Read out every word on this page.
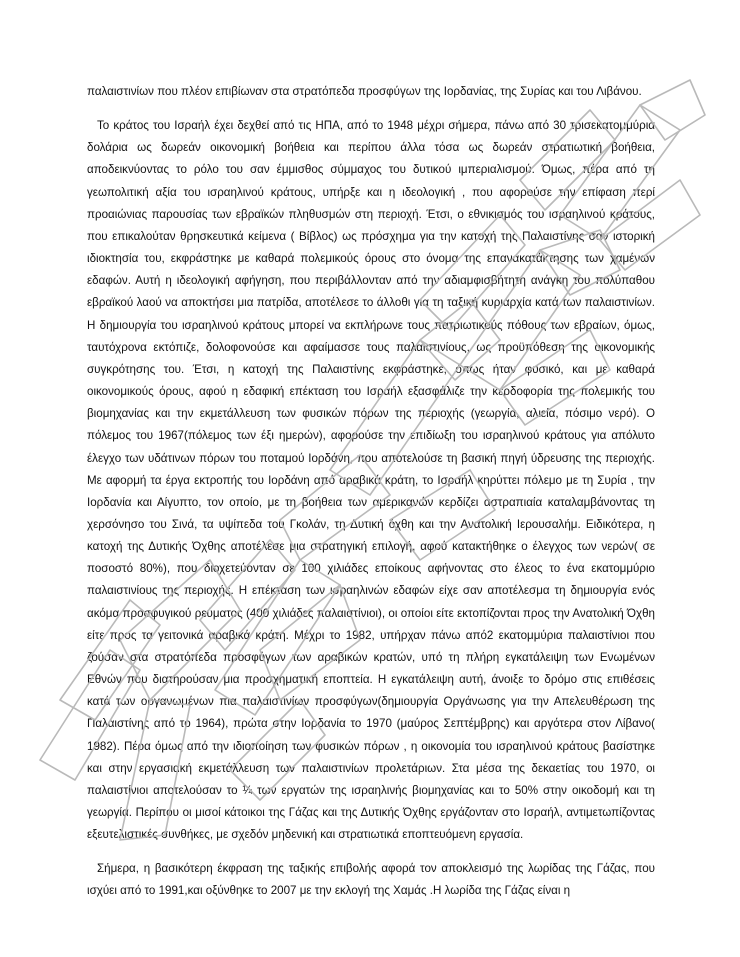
παλαιστινίων που πλέον επιβίωναν στα στρατόπεδα προσφύγων της Ιορδανίας, της Συρίας και του Λιβάνου.

Το κράτος του Ισραήλ έχει δεχθεί από τις ΗΠΑ, από το 1948 μέχρι σήμερα, πάνω από 30 τρισεκατομμύρια δολάρια ως δωρεάν οικονομική βοήθεια και περίπου άλλα τόσα ως δωρεάν στρατιωτική βοήθεια, αποδεικνύοντας το ρόλο του σαν έμμισθος σύμμαχος του δυτικού ιμπεριαλισμού. Όμως, πέρα από τη γεωπολιτική αξία του ισραηλινού κράτους, υπήρξε και η ιδεολογική , που αφορούσε την επίφαση περί προαιώνιας παρουσίας των εβραϊκών πληθυσμών στη περιοχή. Έτσι, ο εθνικισμός του ισραηλινού κράτους, που επικαλούταν θρησκευτικά κείμενα ( Βίβλος) ως πρόσχημα για την κατοχή της Παλαιστίνης σαν ιστορική ιδιοκτησία του, εκφράστηκε με καθαρά πολεμικούς όρους στο όνομα της επανακατάκτησης των χαμένων εδαφών. Αυτή η ιδεολογική αφήγηση, που περιβάλλονταν από την αδιαμφισβήτητη ανάγκη του πολύπαθου εβραϊκού λαού να αποκτήσει μια πατρίδα, αποτέλεσε το άλλοθι για τη ταξική κυριαρχία κατά των παλαιστινίων. Η δημιουργία του ισραηλινού κράτους μπορεί να εκπλήρωνε τους πατριωτικούς πόθους των εβραίων, όμως, ταυτόχρονα εκτόπιζε, δολοφονούσε και αφαίμασσε τους παλαιστινίους, ως προϋπόθεση της οικονομικής συγκρότησης του. Έτσι, η κατοχή της Παλαιστίνης εκφράστηκε, όπως ήταν φυσικό, και με καθαρά οικονομικούς όρους, αφού η εδαφική επέκταση του Ισραήλ εξασφάλιζε την κερδοφορία της πολεμικής του βιομηχανίας και την εκμετάλλευση των φυσικών πόρων της περιοχής (γεωργία, αλιεία, πόσιμο νερό). Ο πόλεμος του 1967(πόλεμος των έξι ημερών), αφορούσε την επιδίωξη του ισραηλινού κράτους για απόλυτο έλεγχο των υδάτινων πόρων του ποταμού Ιορδάνη, που αποτελούσε τη βασική πηγή ύδρευσης της περιοχής. Με αφορμή τα έργα εκτροπής του Ιορδάνη από αραβικά κράτη, το Ισραήλ κηρύττει πόλεμο με τη Συρία , την Ιορδανία και Αίγυπτο, τον οποίο, με τη βοήθεια των αμερικανών κερδίζει αστραπιαία καταλαμβάνοντας τη χερσόνησο του Σινά, τα υψίπεδα του Γκολάν, τη Δυτική όχθη και την Ανατολική Ιερουσαλήμ. Ειδικότερα, η κατοχή της Δυτικής Όχθης αποτέλεσε μια στρατηγική επιλογή, αφού κατακτήθηκε ο έλεγχος των νερών( σε ποσοστό 80%), που διοχετεύονταν σε 100 χιλιάδες εποίκους αφήνοντας στο έλεος το ένα εκατομμύριο παλαιστινίους της περιοχής. Η επέκταση των ισραηλινών εδαφών είχε σαν αποτέλεσμα τη δημιουργία ενός ακόμα προσφυγικού ρεύματος (400 χιλιάδες παλαιστίνιοι), οι οποίοι είτε εκτοπίζονται προς την Ανατολική Όχθη είτε προς τα γειτονικά αραβικά κράτη. Μέχρι το 1982, υπήρχαν πάνω από2 εκατομμύρια παλαιστίνιοι που ζούσαν στα στρατόπεδα προσφύγων των αραβικών κρατών, υπό τη πλήρη εγκατάλειψη των Ενωμένων Εθνών που διατηρούσαν μια προσχηματική εποπτεία. Η εγκατάλειψη αυτή, άνοιξε το δρόμο στις επιθέσεις κατά των οργανωμένων πια παλαιστινίων προσφύγων(δημιουργία Οργάνωσης για την Απελευθέρωση της Παλαιστίνης από το 1964), πρώτα στην Ιορδανία το 1970 (μαύρος Σεπτέμβρης) και αργότερα στον Λίβανο( 1982). Πέρα όμως από την ιδιοποίηση των φυσικών πόρων , η οικονομία του ισραηλινού κράτους βασίστηκε και στην εργασιακή εκμετάλλευση των παλαιστινίων προλετάριων. Στα μέσα της δεκαετίας του 1970, οι παλαιστίνιοι αποτελούσαν το ¼ των εργατών της ισραηλινής βιομηχανίας και το 50% στην οικοδομή και τη γεωργία. Περίπου οι μισοί κάτοικοι της Γάζας και της Δυτικής Όχθης εργάζονταν στο Ισραήλ, αντιμετωπίζοντας εξευτελιστικές συνθήκες, με σχεδόν μηδενική και στρατιωτικά εποπτευόμενη εργασία.

Σήμερα, η βασικότερη έκφραση της ταξικής επιβολής αφορά τον αποκλεισμό της λωρίδας της Γάζας, που ισχύει από το 1991,και οξύνθηκε το 2007 με την εκλογή της Χαμάς .Η λωρίδα της Γάζας είναι η
